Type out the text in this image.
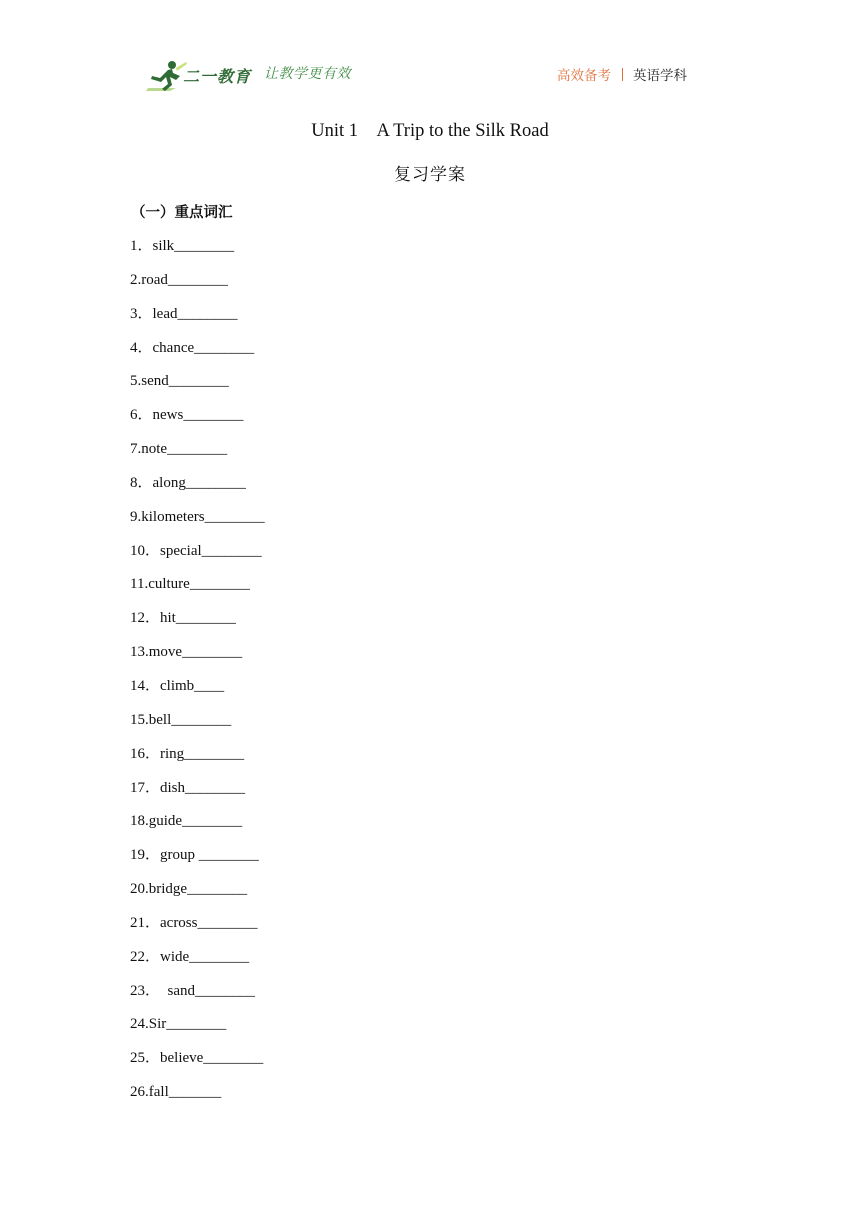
二一教育 让教学更有效	高效备考 英语学科
Unit 1　A Trip to the Silk Road
复习学案
（一）重点词汇
1．silk________
2.road________
3．lead________
4．chance________
5.send________
6．news________
7.note________
8．along________
9.kilometers________
10．special________
11.culture________
12．hit________
13.move________
14．climb____
15.bell________
16．ring________
17．dish________
18.guide________
19．group ________
20.bridge________
21．across________
22．wide________
23．  sand________
24.Sir________
25．believe________
26.fall_______
